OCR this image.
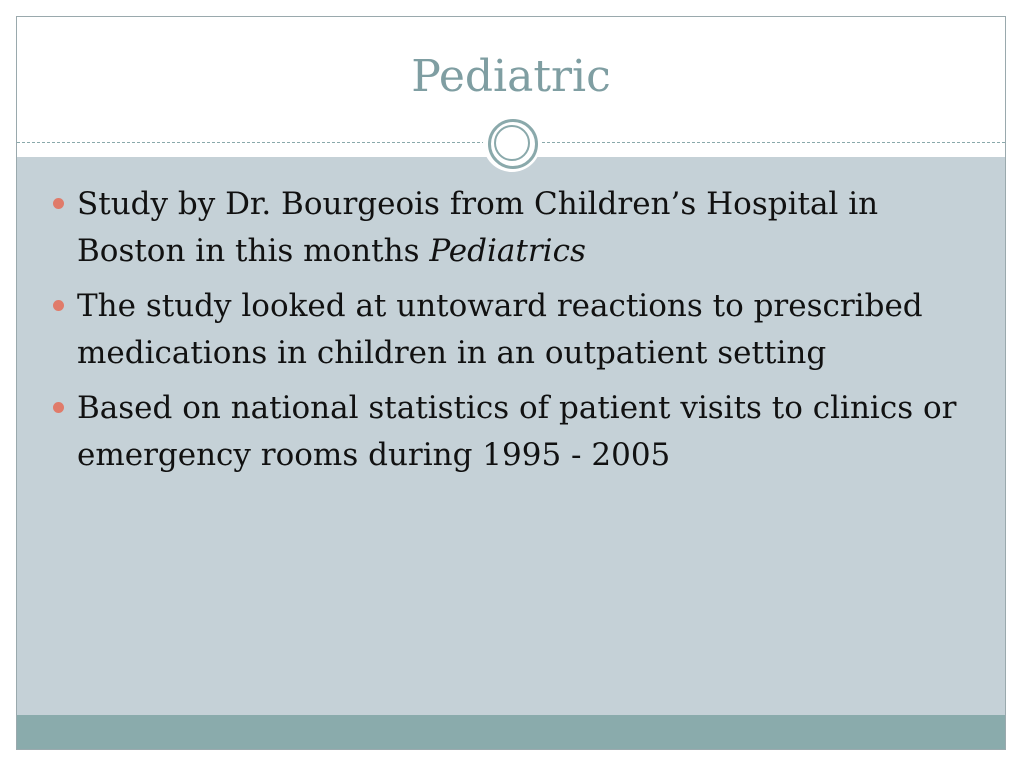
Pediatric
Study by Dr. Bourgeois from Children’s Hospital in Boston in this months Pediatrics
The study looked at untoward reactions to prescribed medications in children in an outpatient setting
Based on national statistics of patient visits to clinics or emergency rooms during 1995 - 2005
